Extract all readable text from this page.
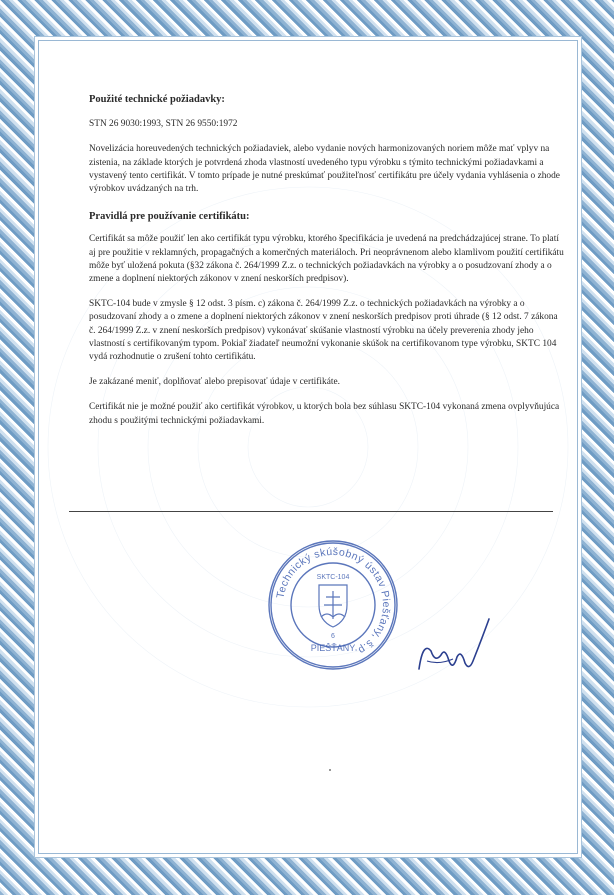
Použité technické požiadavky:

STN 26 9030:1993, STN 26 9550:1972

Novelizácia horeuvedených technických požiadaviek, alebo vydanie nových harmonizovaných noriem môže mať vplyv na zistenia, na základe ktorých je potvrdená zhoda vlastností uvedeného typu výrobku s týmito technickými požiadavkami a vystavený tento certifikát. V tomto prípade je nutné preskúmať použiteľnosť certifikátu pre účely vydania vyhlásenia o zhode výrobkov uvádzaných na trh.

Pravidlá pre používanie certifikátu:

Certifikát sa môže použiť len ako certifikát typu výrobku, ktorého špecifikácia je uvedená na predchádzajúcej strane. To platí aj pre použitie v reklamných, propagačných a komerčných materiáloch. Pri neoprávnenom alebo klamlivom použití certifikátu môže byť uložená pokuta (§32 zákona č. 264/1999 Z.z. o technických požiadavkách na výrobky a o posudzovaní zhody a o zmene a doplnení niektorých zákonov v znení neskorších predpisov).

SKTC-104 bude v zmysle § 12 odst. 3 písm. c) zákona č. 264/1999 Z.z. o technických požiadavkách na výrobky a o posudzovaní zhody a o zmene a doplnení niektorých zákonov v znení neskorších predpisov proti úhrade (§ 12 odst. 7 zákona č. 264/1999 Z.z. v znení neskorších predpisov) vykonávať skúšanie vlastností výrobku na účely preverenia zhody jeho vlastností s certifikovaným typom. Pokiaľ žiadateľ neumožní vykonanie skúšok na certifikovanom type výrobku, SKTC 104 vydá rozhodnutie o zrušení tohto certifikátu.

Je zakázané meniť, doplňovať alebo prepisovať údaje v certifikáte.

Certifikát nie je možné použiť ako certifikát výrobkov, u ktorých bola bez súhlasu SKTC-104 vykonaná zmena ovplyvňujúca zhodu s použitými technickými požiadavkami.

Technický skúšobný ústav Piešťany, š.p.
SKTC-104
6
PIEŠŤANY
